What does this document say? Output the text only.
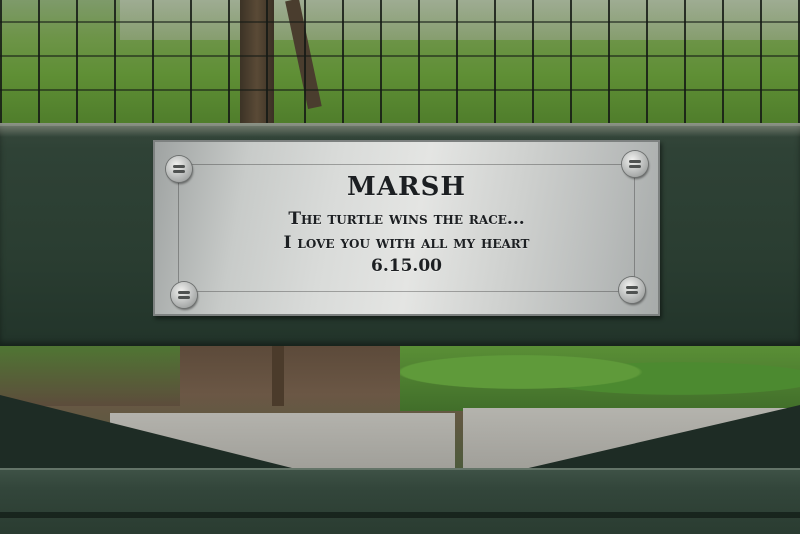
MARSH
The turtle wins the race...
I love you with all my heart
6.15.00
